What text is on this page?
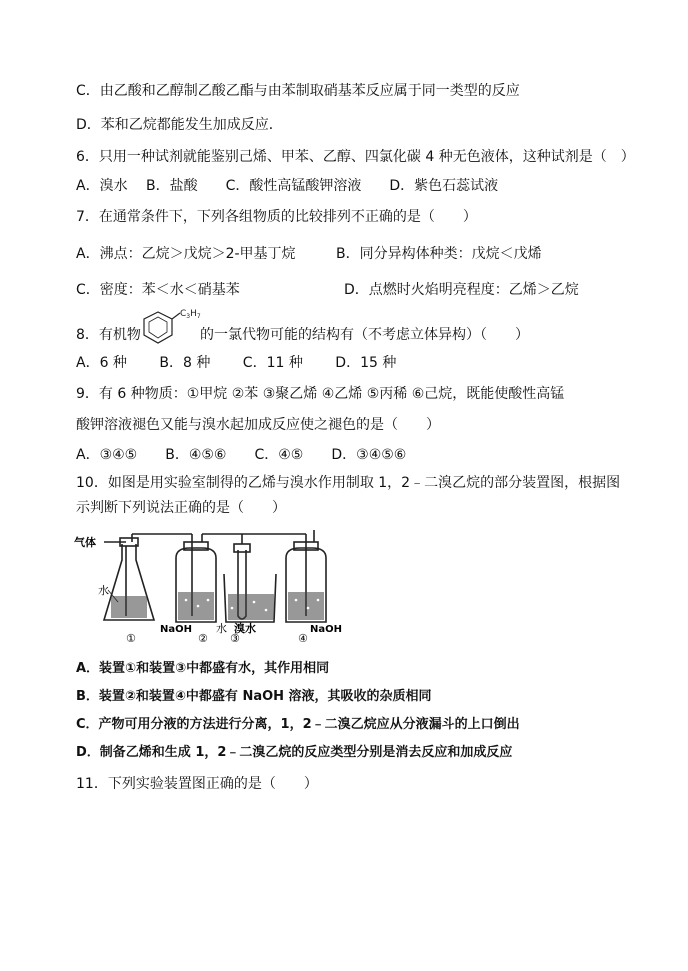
C．由乙酸和乙醇制乙酸乙酯与由苯制取硝基苯反应属于同一类型的反应
D．苯和乙烷都能发生加成反应．
6．只用一种试剂就能鉴别己烯、甲苯、乙醇、四氯化碳 4 种无色液体，这种试剂是（　）
A．溴水　 B．盐酸　　C．酸性高锰酸钾溶液　　D．紫色石蕊试液
7．在通常条件下，下列各组物质的比较排列不正确的是（　　）
A．沸点：乙烷＞戊烷＞2-甲基丁烷	B．同分异构体种类：戊烷＜戊烯
C．密度：苯＜水＜硝基苯	D．点燃时火焰明亮程度：乙烯＞乙烷
8．有机物
$C_3H_7$
的一氯代物可能的结构有（不考虑立体异构）（　　）
A．6 种　　 B．8 种　　 C．11 种　　 D．15 种
9．有 6 种物质：①甲烷 ②苯 ③聚乙烯 ④乙烯 ⑤丙稀 ⑥己烷，既能使酸性高锰
酸钾溶液褪色又能与溴水起加成反应使之褪色的是（　　）
A．③④⑤　　B．④⑤⑥　　C．④⑤　　D．③④⑤⑥
10．如图是用实验室制得的乙烯与溴水作用制取 1，2﹣二溴乙烷的部分装置图，根据图
示判断下列说法正确的是（　　）
气体
水
NaOH 水 溴水	NaOH
①	② ③	④
A．装置①和装置③中都盛有水，其作用相同
B．装置②和装置④中都盛有 NaOH 溶液，其吸收的杂质相同
C．产物可用分液的方法进行分离，1，2﹣二溴乙烷应从分液漏斗的上口倒出
D．制备乙烯和生成 1，2﹣二溴乙烷的反应类型分别是消去反应和加成反应
11．下列实验装置图正确的是（　　）
